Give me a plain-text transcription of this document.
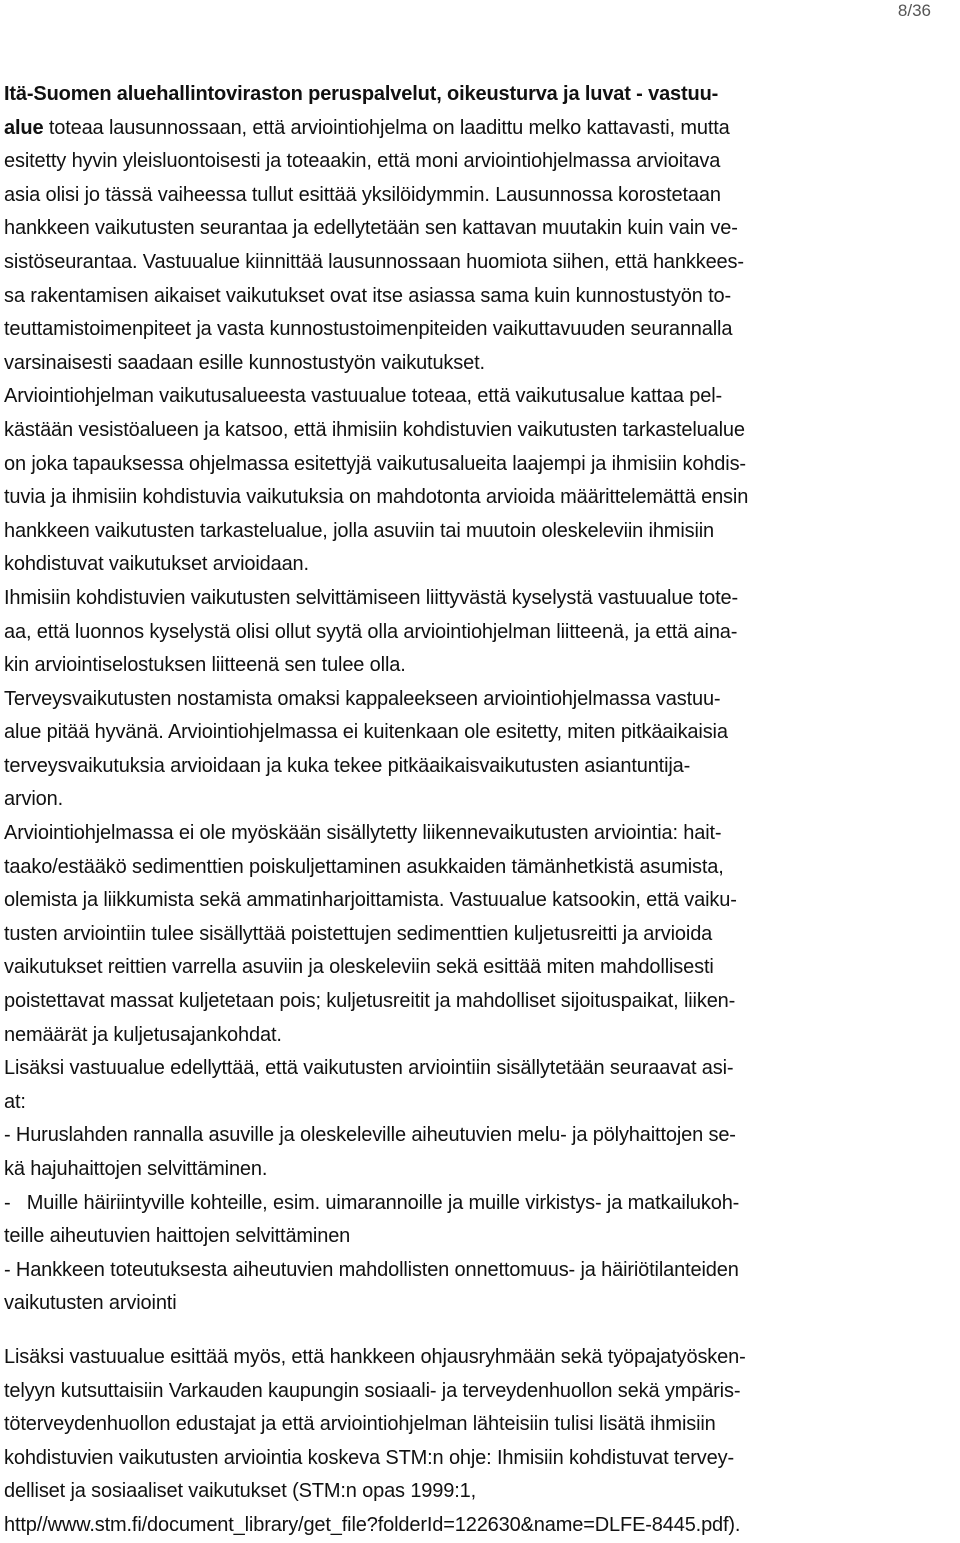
8/36
Itä-Suomen aluehallintoviraston peruspalvelut, oikeusturva ja luvat - vastuu-
alue toteaa lausunnossaan, että arviointiohjelma on laadittu melko kattavasti, mutta
esitetty hyvin yleisluontoisesti ja toteaakin, että moni arviointiohjelmassa arvioitava
asia olisi jo tässä vaiheessa tullut esittää yksilöidymmin. Lausunnossa korostetaan
hankkeen vaikutusten seurantaa ja edellytetään sen kattavan muutakin kuin vain ve-
sistöseurantaa. Vastuualue kiinnittää lausunnossaan huomiota siihen, että hankkees-
sa rakentamisen aikaiset vaikutukset ovat itse asiassa sama kuin kunnostustyön to-
teuttamistoimenpiteet ja vasta kunnostustoimenpiteiden vaikuttavuuden seurannalla
varsinaisesti saadaan esille kunnostustyön vaikutukset.
Arviointiohjelman vaikutusalueesta vastuualue toteaa, että vaikutusalue kattaa pel-
kästään vesistöalueen ja katsoo, että ihmisiin kohdistuvien vaikutusten tarkastelualue
on joka tapauksessa ohjelmassa esitettyjä vaikutusalueita laajempi ja ihmisiin kohdis-
tuvia ja ihmisiin kohdistuvia vaikutuksia on mahdotonta arvioida määrittelemättä ensin
hankkeen vaikutusten tarkastelualue, jolla asuviin tai muutoin oleskeleviin ihmisiin
kohdistuvat vaikutukset arvioidaan.
Ihmisiin kohdistuvien vaikutusten selvittämiseen liittyvästä kyselystä vastuualue tote-
aa, että luonnos kyselystä olisi ollut syytä olla arviointiohjelman liitteenä, ja että aina-
kin arviointiselostuksen liitteenä sen tulee olla.
Terveysvaikutusten nostamista omaksi kappaleekseen arviointiohjelmassa vastuu-
alue pitää hyvänä. Arviointiohjelmassa ei kuitenkaan ole esitetty, miten pitkäaikaisia
terveysvaikutuksia arvioidaan ja kuka tekee pitkäaikaisvaikutusten asiantuntija-
arvion.
Arviointiohjelmassa ei ole myöskään sisällytetty liikennevaikutusten arviointia: hait-
taako/estääkö sedimenttien poiskuljettaminen asukkaiden tämänhetkistä asumista,
olemista ja liikkumista sekä ammatinharjoittamista. Vastuualue katsookin, että vaiku-
tusten arviointiin tulee sisällyttää poistettujen sedimenttien kuljetusreitti ja arvioida
vaikutukset reittien varrella asuviin ja oleskeleviin sekä esittää miten mahdollisesti
poistettavat massat kuljetetaan pois; kuljetusreitit ja mahdolliset sijoituspaikat, liiken-
nemäärät ja kuljetusajankohdat.
Lisäksi vastuualue edellyttää, että vaikutusten arviointiin sisällytetään seuraavat asi-
at:
- Huruslahden rannalla asuville ja oleskeleville aiheutuvien melu- ja pölyhaittojen se-
kä hajuhaittojen selvittäminen.
-   Muille häiriintyville kohteille, esim. uimarannoille ja muille virkistys- ja matkailukoh-
teille aiheutuvien haittojen selvittäminen
- Hankkeen toteutuksesta aiheutuvien mahdollisten onnettomuus- ja häiriötilanteiden
vaikutusten arviointi
Lisäksi vastuualue esittää myös, että hankkeen ohjausryhmään sekä työpajatyösken-
telyyn kutsuttaisiin Varkauden kaupungin sosiaali- ja terveydenhuollon sekä ympäris-
töterveydenhuollon edustajat ja että arviointiohjelman lähteisiin tulisi lisätä ihmisiin
kohdistuvien vaikutusten arviointia koskeva STM:n ohje: Ihmisiin kohdistuvat tervey-
delliset ja sosiaaliset vaikutukset (STM:n opas 1999:1,
http//www.stm.fi/document_library/get_file?folderId=122630&name=DLFE-8445.pdf).
